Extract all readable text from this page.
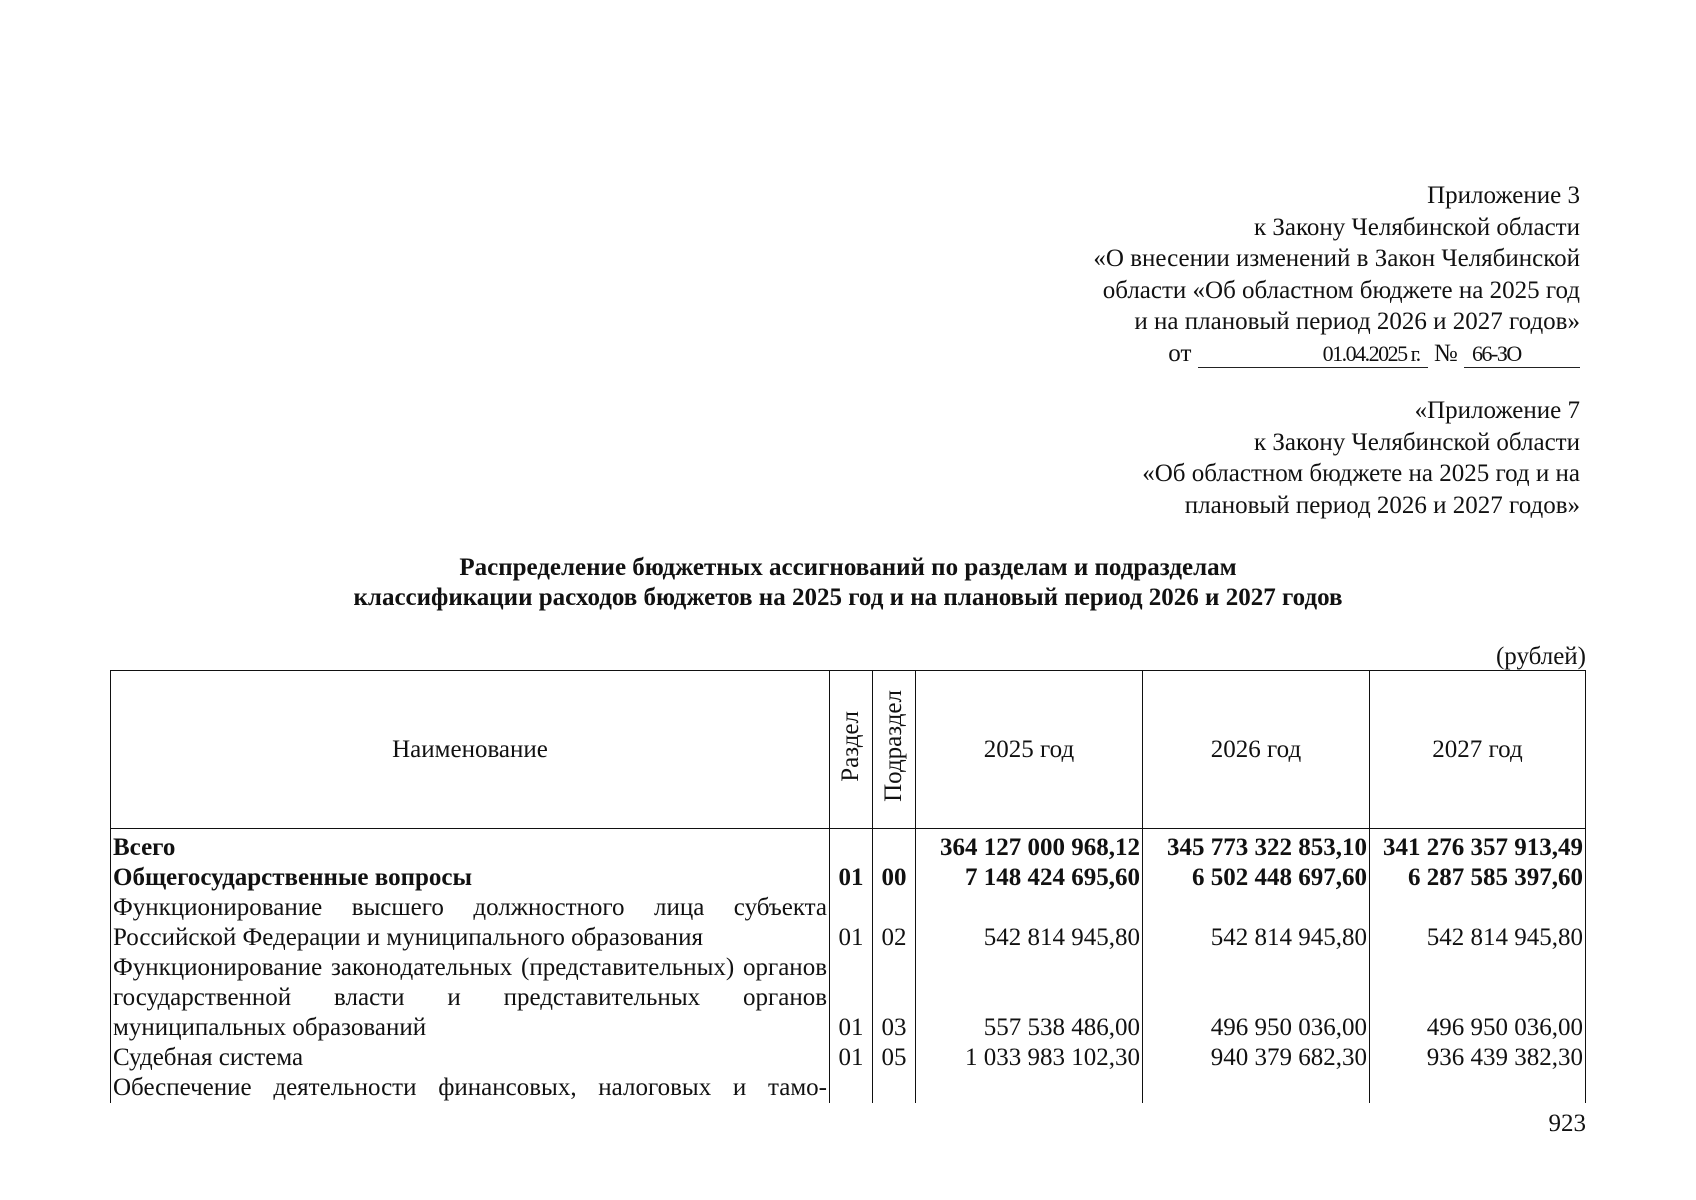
Приложение 3

к Закону Челябинской области

«О внесении изменений в Закон Челябинской

области «Об областном бюджете на 2025 год

и на плановый период 2026 и 2027 годов»

от	01.04.2025 г. № 66-ЗО

«Приложение 7

к Закону Челябинской области

«Об областном бюджете на 2025 год и на

плановый период 2026 и 2027 годов»

Распределение бюджетных ассигнований по разделам и подразделам

классификации расходов бюджетов на 2025 год и на плановый период 2026 и 2027 годов

(рублей)
Наименование	Раздел	Подраздел	2025 год	2026 год	2027 год
Всего			364 127 000 968,12	345 773 322 853,10	341 276 357 913,49
Общегосударственные вопросы	01	00	7 148 424 695,60	6 502 448 697,60	6 287 585 397,60
Функционирование высшего должностного лица субъекта Российской Федерации и муниципального образования	01	02	542 814 945,80	542 814 945,80	542 814 945,80
Функционирование законодательных (представительных) органов государственной власти и представительных органов муниципальных образований	01	03	557 538 486,00	496 950 036,00	496 950 036,00
Судебная система	01	05	1 033 983 102,30	940 379 682,30	936 439 382,30
Обеспечение деятельности финансовых, налоговых и тамо-					
923
